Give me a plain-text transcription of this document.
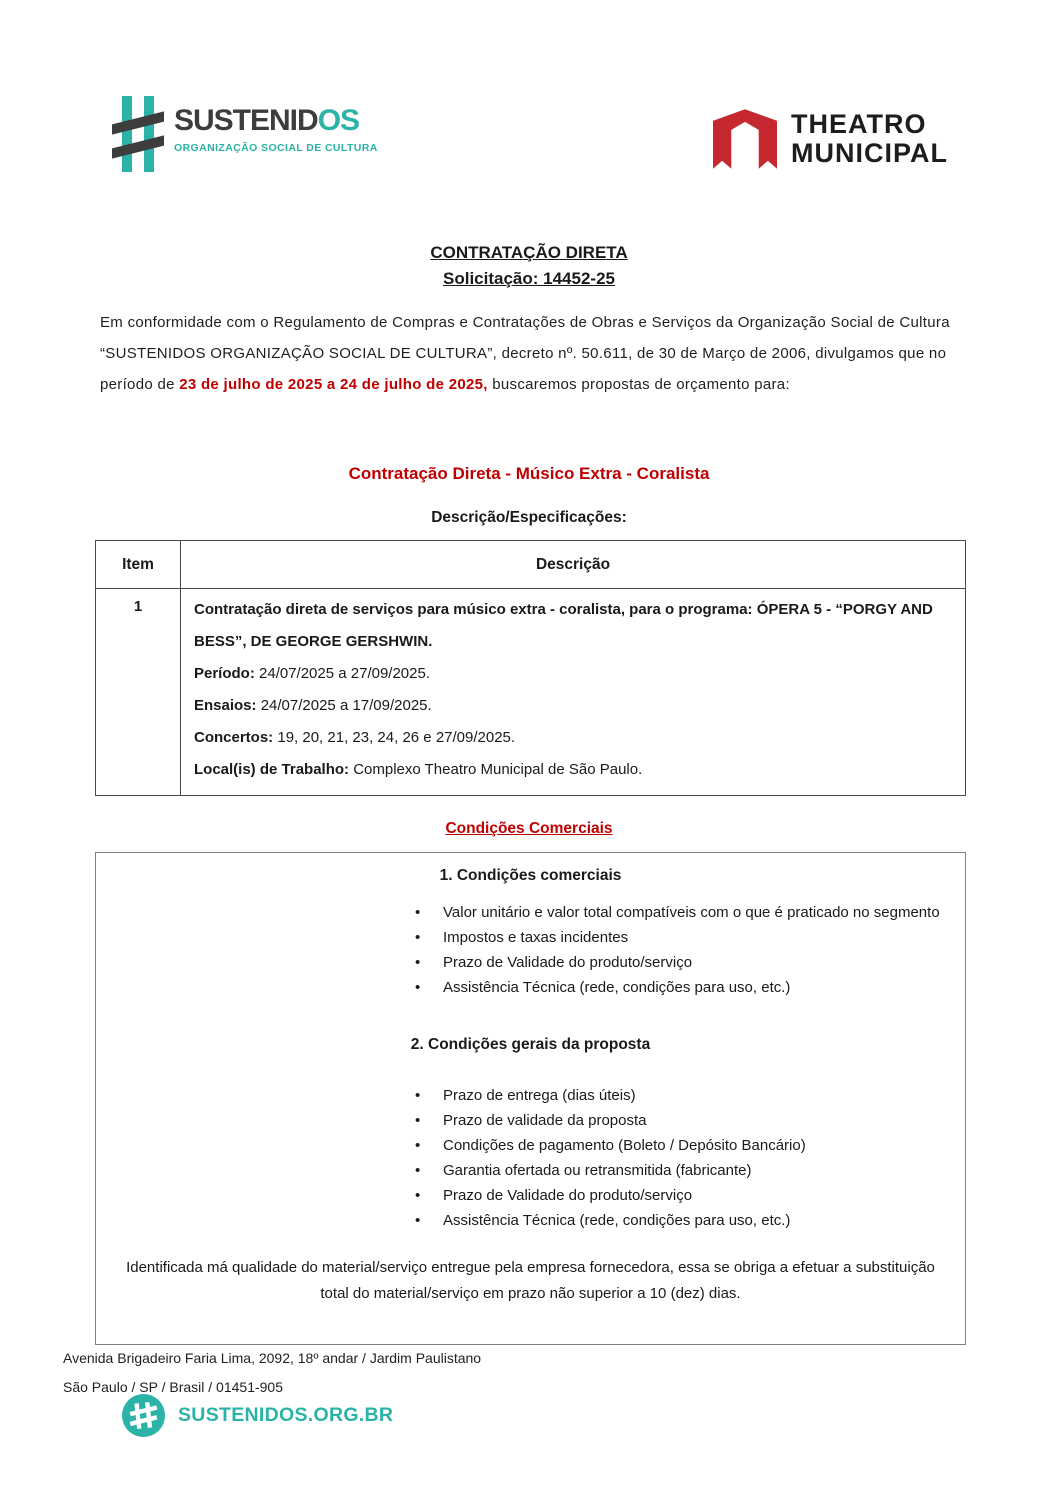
SUSTENIDOS
ORGANIZAÇÃO SOCIAL DE CULTURA
THEATRO
MUNICIPAL
CONTRATAÇÃO DIRETA
Solicitação: 14452-25

Em conformidade com o Regulamento de Compras e Contratações de Obras e Serviços da Organização Social de Cultura “SUSTENIDOS ORGANIZAÇÃO SOCIAL DE CULTURA”, decreto nº. 50.611, de 30 de Março de 2006, divulgamos que no período de 23 de julho de 2025 a 24 de julho de 2025, buscaremos propostas de orçamento para:

Contratação Direta - Músico Extra - Coralista
Descrição/Especificações:
Item	Descrição
1	Contratação direta de serviços para músico extra - coralista, para o programa: ÓPERA 5 - “PORGY AND BESS”, DE GEORGE GERSHWIN.
Período: 24/07/2025 a 27/09/2025.
Ensaios: 24/07/2025 a 17/09/2025.
Concertos: 19, 20, 21, 23, 24, 26 e 27/09/2025.
Local(is) de Trabalho: Complexo Theatro Municipal de São Paulo.
Condições Comerciais
1. Condições comerciais
• Valor unitário e valor total compatíveis com o que é praticado no segmento
• Impostos e taxas incidentes
• Prazo de Validade do produto/serviço
• Assistência Técnica (rede, condições para uso, etc.)
2. Condições gerais da proposta
• Prazo de entrega (dias úteis)
• Prazo de validade da proposta
• Condições de pagamento (Boleto / Depósito Bancário)
• Garantia ofertada ou retransmitida (fabricante)
• Prazo de Validade do produto/serviço
• Assistência Técnica (rede, condições para uso, etc.)
Identificada má qualidade do material/serviço entregue pela empresa fornecedora, essa se obriga a efetuar a substituição total do material/serviço em prazo não superior a 10 (dez) dias.
Avenida Brigadeiro Faria Lima, 2092, 18º andar / Jardim Paulistano
São Paulo / SP / Brasil / 01451-905
SUSTENIDOS.ORG.BR
